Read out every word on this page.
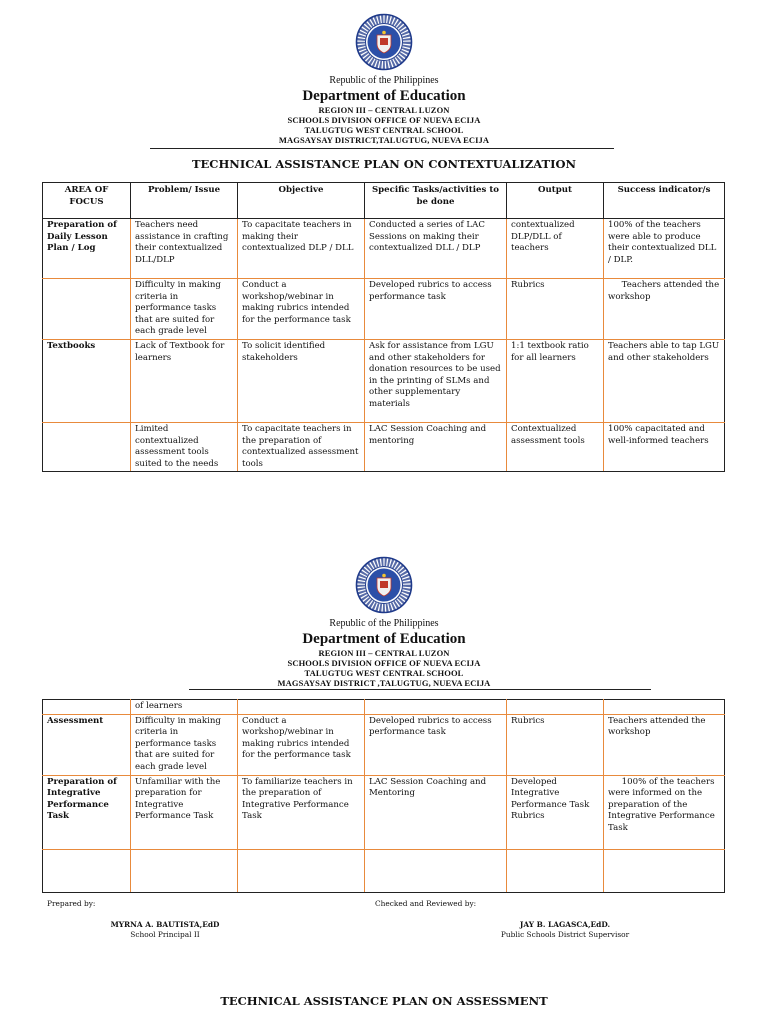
Republic of the Philippines
Department of Education
REGION III – CENTRAL LUZON
SCHOOLS DIVISION OFFICE OF NUEVA ECIJA
TALUGTUG WEST CENTRAL SCHOOL
MAGSAYSAY DISTRICT,TALUGTUG, NUEVA ECIJA
TECHNICAL ASSISTANCE PLAN ON CONTEXTUALIZATION
AREA OF FOCUS	Problem/ Issue	Objective	Specific Tasks/activities to be done	Output	Success indicator/s
Preparation of Daily Lesson Plan / Log	Teachers need assistance in crafting their contextualized DLL/DLP	To capacitate teachers in making their contextualized DLP / DLL	Conducted a series of LAC Sessions on making their contextualized DLL / DLP	contextualized DLP/DLL of teachers	100% of the teachers were able to produce their contextualized DLL / DLP.
	Difficulty in making criteria in performance tasks that are suited for each grade level	Conduct a workshop/webinar in making rubrics intended for the performance task	Developed rubrics to access performance task	Rubrics	Teachers attended the workshop
Textbooks	Lack of Textbook for learners	To solicit identified stakeholders	Ask for assistance from LGU and other stakeholders for donation resources to be used in the printing of SLMs and other supplementary materials	1:1 textbook ratio for all learners	Teachers able to tap LGU and other stakeholders
	Limited contextualized assessment tools suited to the needs	To capacitate teachers in the preparation of contextualized assessment tools	LAC Session Coaching and mentoring	Contextualized assessment tools	100% capacitated and well-informed teachers
Republic of the Philippines
Department of Education
REGION III – CENTRAL LUZON
SCHOOLS DIVISION OFFICE OF NUEVA ECIJA
TALUGTUG WEST CENTRAL SCHOOL
MAGSAYSAY DISTRICT ,TALUGTUG, NUEVA ECIJA
	of learners				
Assessment	Difficulty in making criteria in performance tasks that are suited for each grade level	Conduct a workshop/webinar in making rubrics intended for the performance task	Developed rubrics to access performance task	Rubrics	Teachers attended the workshop
Preparation of Integrative Performance Task	Unfamiliar with the preparation for Integrative Performance Task	To familiarize teachers in the preparation of Integrative Performance Task	LAC Session Coaching and Mentoring	Developed Integrative Performance Task Rubrics	100% of the teachers were informed on the preparation of the Integrative Performance Task

Prepared by:
MYRNA A. BAUTISTA,EdD
School Principal II
Checked and Reviewed by:
JAY B. LAGASCA,EdD.
Public Schools District Supervisor
TECHNICAL ASSISTANCE PLAN ON ASSESSMENT
